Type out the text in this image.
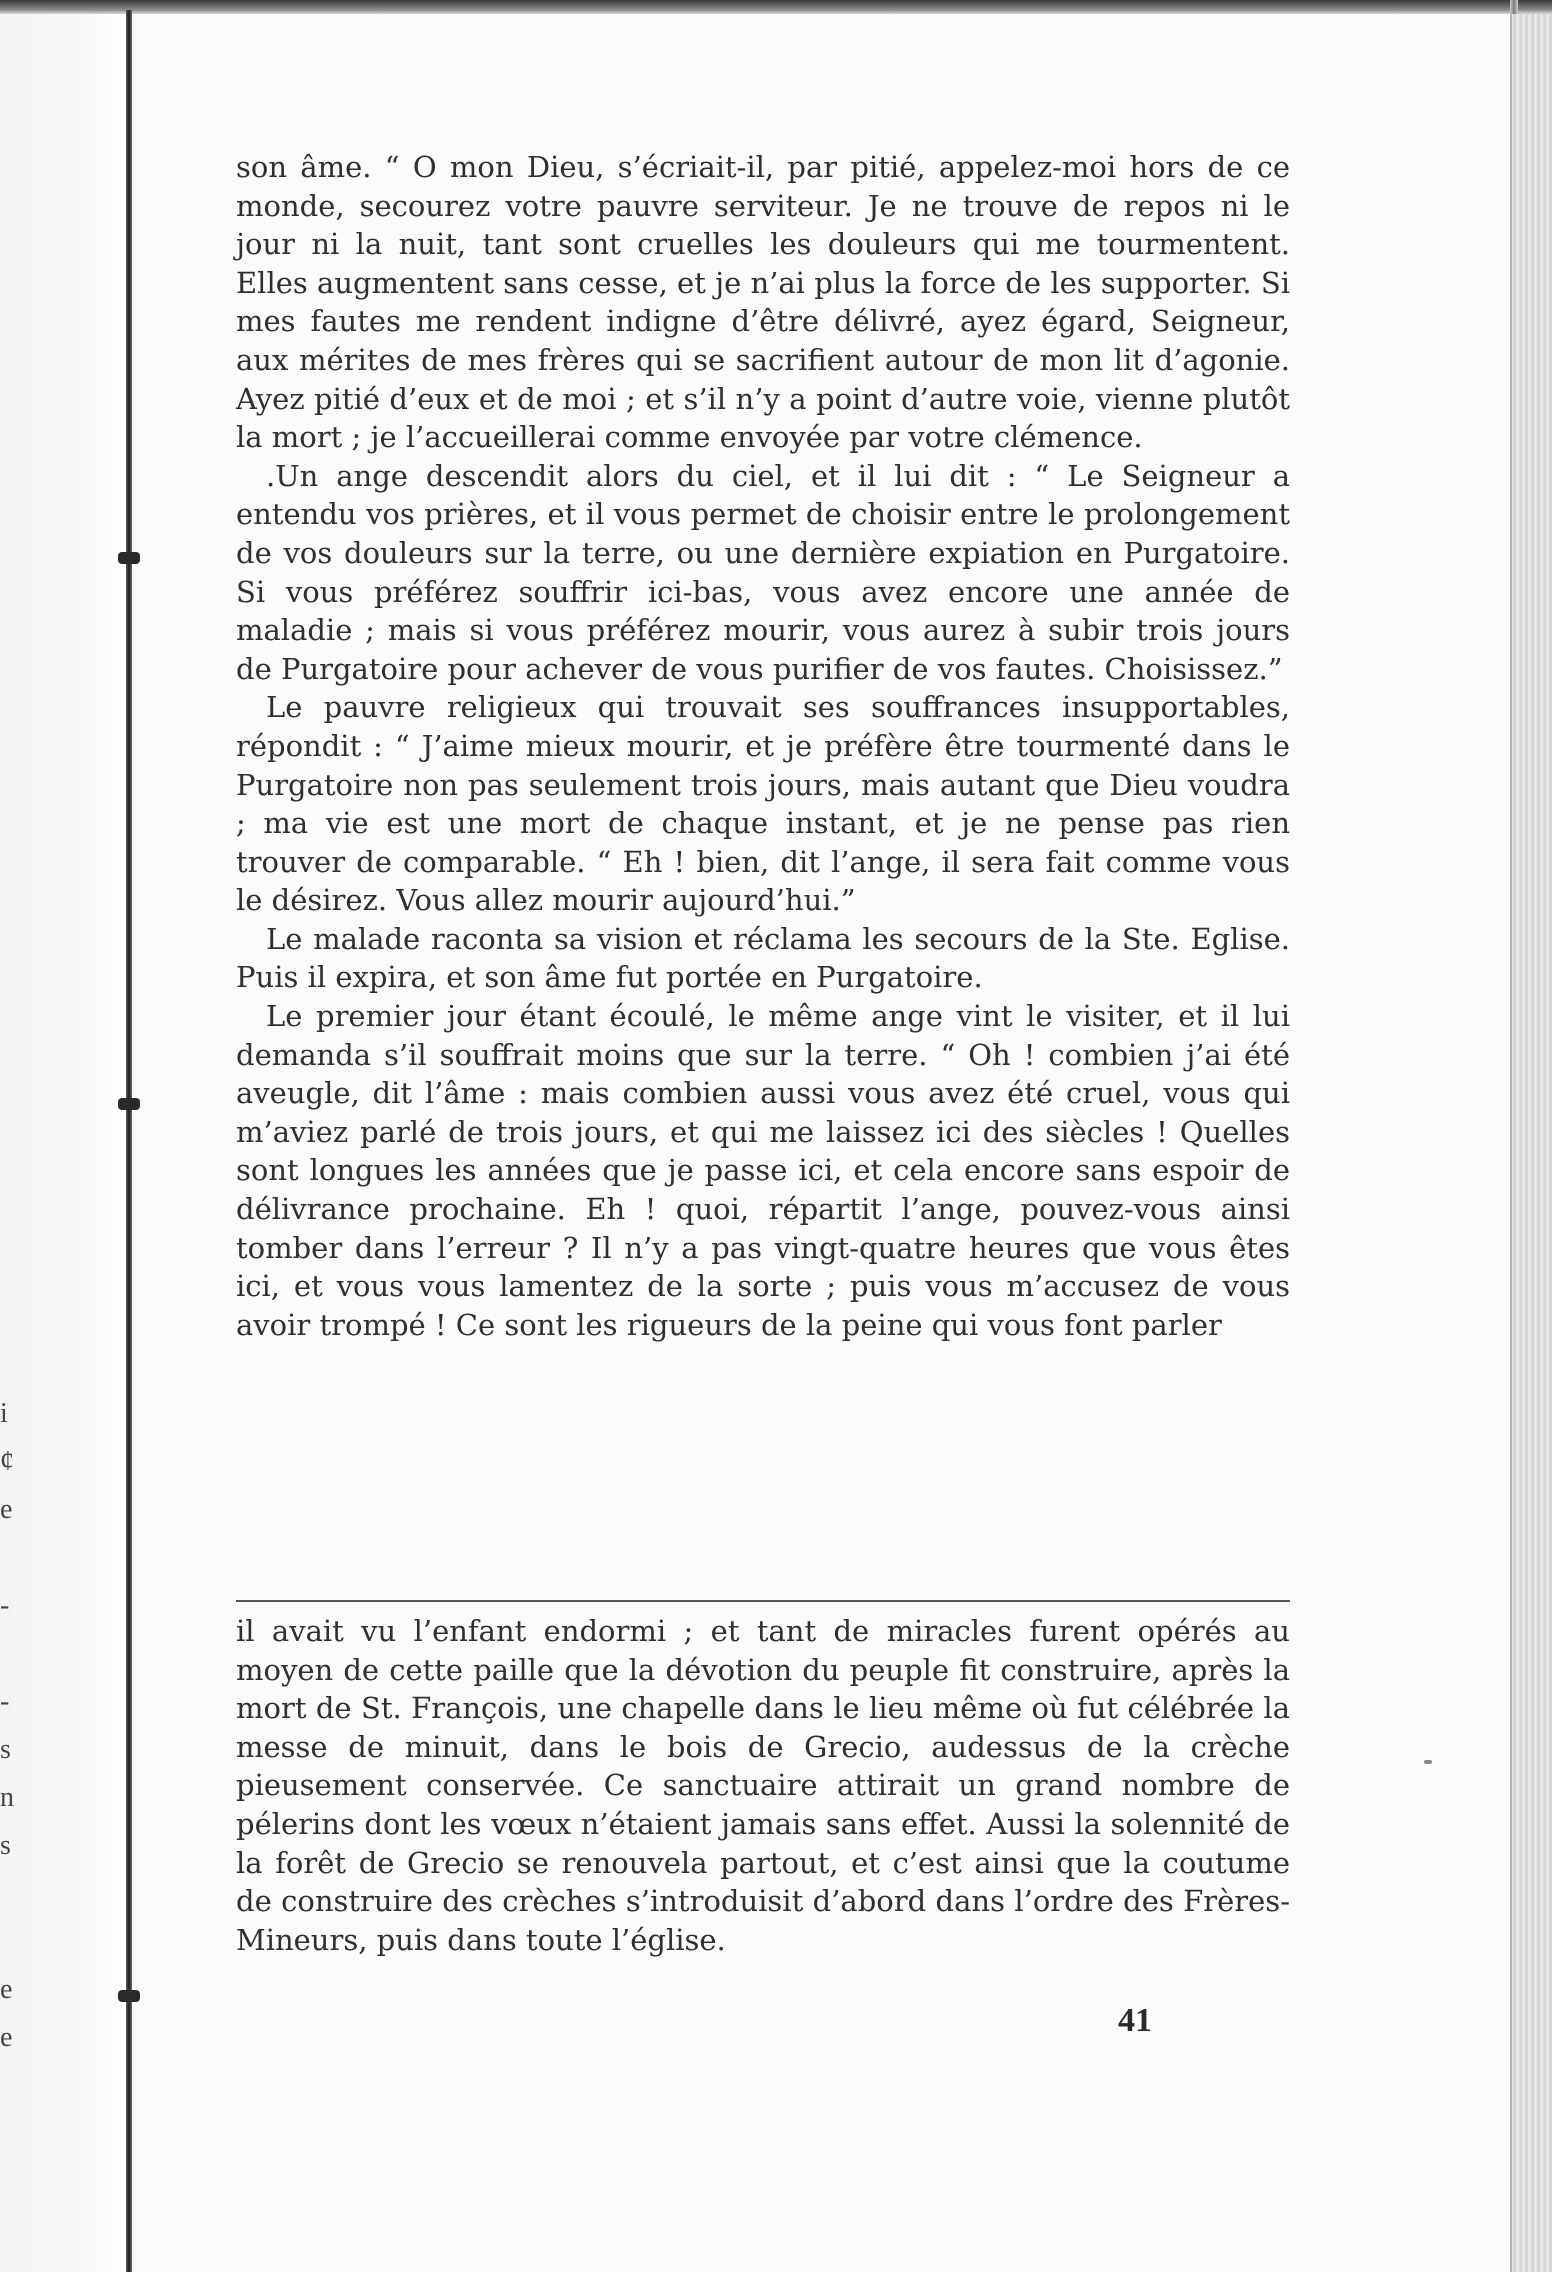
i
¢
e

-

-
s
n
s

e
e

son âme. “ O mon Dieu, s’écriait-il, par pitié, appelez-moi hors de ce monde, secourez votre pauvre serviteur. Je ne trouve de repos ni le jour ni la nuit, tant sont cruelles les douleurs qui me tourmentent. Elles augmentent sans cesse, et je n’ai plus la force de les supporter. Si mes fautes me rendent indigne d’être délivré, ayez égard, Seigneur, aux mérites de mes frères qui se sacrifient autour de mon lit d’agonie. Ayez pitié d’eux et de moi ; et s’il n’y a point d’autre voie, vienne plutôt la mort ; je l’accueillerai comme envoyée par votre clémence.

.Un ange descendit alors du ciel, et il lui dit : “ Le Seigneur a entendu vos prières, et il vous permet de choisir entre le prolongement de vos douleurs sur la terre, ou une dernière expiation en Purgatoire. Si vous préférez souffrir ici-bas, vous avez encore une année de maladie ; mais si vous préférez mourir, vous aurez à subir trois jours de Purgatoire pour achever de vous purifier de vos fautes. Choisissez.”

Le pauvre religieux qui trouvait ses souffrances insupportables, répondit : “ J’aime mieux mourir, et je préfère être tourmenté dans le Purgatoire non pas seulement trois jours, mais autant que Dieu voudra ; ma vie est une mort de chaque instant, et je ne pense pas rien trouver de comparable. “ Eh ! bien, dit l’ange, il sera fait comme vous le désirez. Vous allez mourir aujourd’hui.”

Le malade raconta sa vision et réclama les secours de la Ste. Eglise. Puis il expira, et son âme fut portée en Purgatoire.

Le premier jour étant écoulé, le même ange vint le visiter, et il lui demanda s’il souffrait moins que sur la terre. “ Oh ! combien j’ai été aveugle, dit l’âme : mais combien aussi vous avez été cruel, vous qui m’aviez parlé de trois jours, et qui me laissez ici des siècles ! Quelles sont longues les années que je passe ici, et cela encore sans espoir de délivrance prochaine. Eh ! quoi, répartit l’ange, pouvez-vous ainsi tomber dans l’erreur ? Il n’y a pas vingt-quatre heures que vous êtes ici, et vous vous lamentez de la sorte ; puis vous m’accusez de vous avoir trompé ! Ce sont les rigueurs de la peine qui vous font parler

il avait vu l’enfant endormi ; et tant de miracles furent opérés au moyen de cette paille que la dévotion du peuple fit construire, après la mort de St. François, une chapelle dans le lieu même où fut célébrée la messe de minuit, dans le bois de Grecio, audessus de la crèche pieusement conservée. Ce sanctuaire attirait un grand nombre de pélerins dont les vœux n’étaient jamais sans effet. Aussi la solennité de la forêt de Grecio se renouvela partout, et c’est ainsi que la coutume de construire des crèches s’introduisit d’abord dans l’ordre des Frères-Mineurs, puis dans toute l’église.

41
